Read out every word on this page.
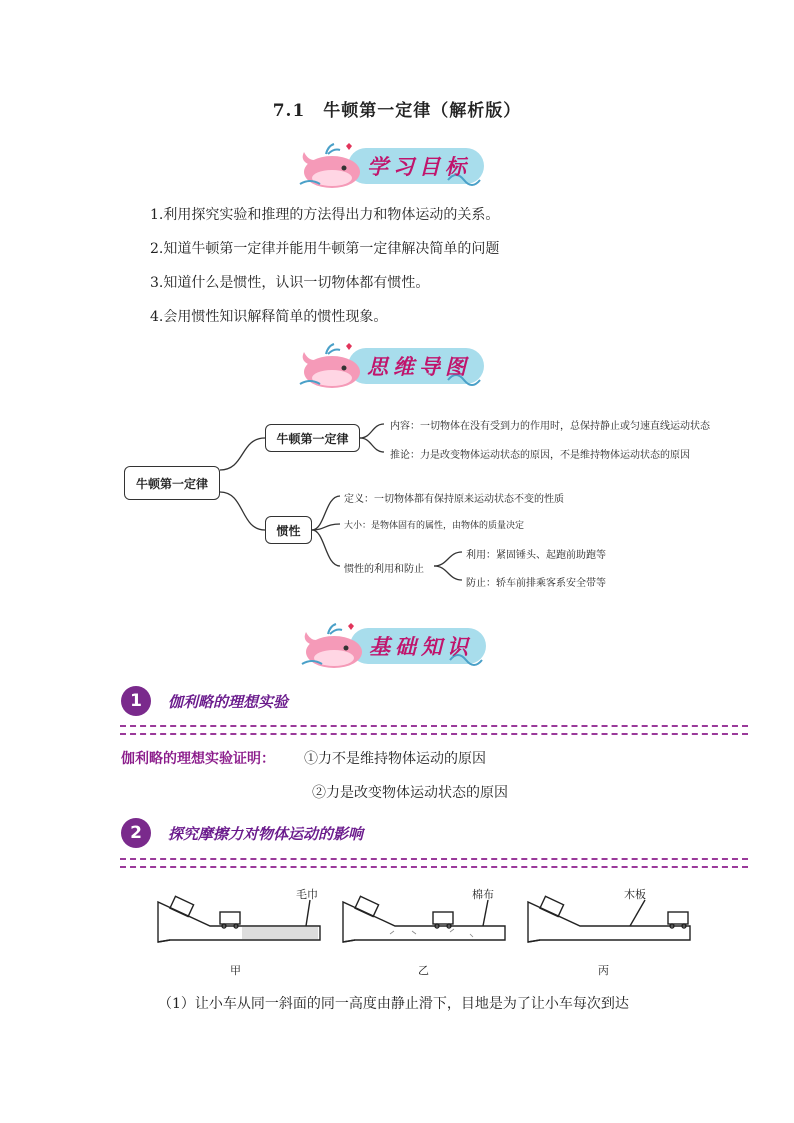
7.1　牛顿第一定律（解析版）
学习目标
1.利用探究实验和推理的方法得出力和物体运动的关系。
2.知道牛顿第一定律并能用牛顿第一定律解决简单的问题
3.知道什么是惯性，认识一切物体都有惯性。
4.会用惯性知识解释简单的惯性现象。
思维导图
牛顿第一定律
牛顿第一定律
惯性
内容：一切物体在没有受到力的作用时，总保持静止或匀速直线运动状态
推论：力是改变物体运动状态的原因，不是维持物体运动状态的原因
定义：一切物体都有保持原来运动状态不变的性质
大小：是物体固有的属性，由物体的质量决定
惯性的利用和防止
利用：紧固锤头、起跑前助跑等
防止：轿车前排乘客系安全带等
基础知识
1	伽利略的理想实验
伽利略的理想实验证明： ①力不是维持物体运动的原因
②力是改变物体运动状态的原因
2	探究摩擦力对物体运动的影响
毛巾	棉布	木板
甲	乙	丙
（1）让小车从同一斜面的同一高度由静止滑下，目地是为了让小车每次到达
